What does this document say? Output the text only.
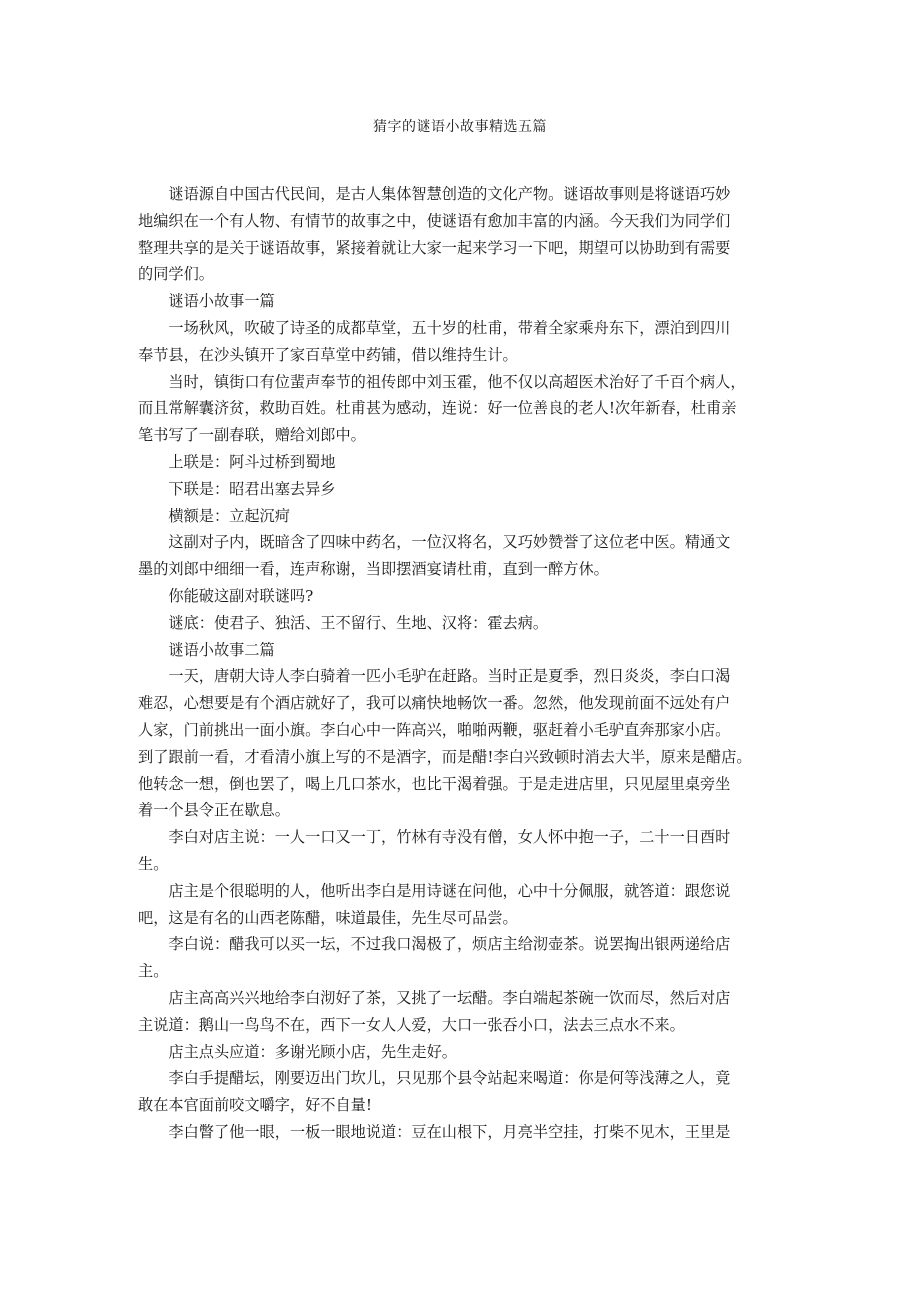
猜字的谜语小故事精选五篇

谜语源自中国古代民间，是古人集体智慧创造的文化产物。谜语故事则是将谜语巧妙
地编织在一个有人物、有情节的故事之中，使谜语有愈加丰富的内涵。今天我们为同学们
整理共享的是关于谜语故事，紧接着就让大家一起来学习一下吧，期望可以协助到有需要
的同学们。

谜语小故事一篇

一场秋风，吹破了诗圣的成都草堂，五十岁的杜甫，带着全家乘舟东下，漂泊到四川
奉节县，在沙头镇开了家百草堂中药铺，借以维持生计。

当时，镇街口有位蜚声奉节的祖传郎中刘玉霍，他不仅以高超医术治好了千百个病人，
而且常解囊济贫，救助百姓。杜甫甚为感动，连说：好一位善良的老人!次年新春，杜甫亲
笔书写了一副春联，赠给刘郎中。

上联是：阿斗过桥到蜀地

下联是：昭君出塞去异乡

横额是：立起沉疴

这副对子内，既暗含了四味中药名，一位汉将名，又巧妙赞誉了这位老中医。精通文
墨的刘郎中细细一看，连声称谢，当即摆酒宴请杜甫，直到一醉方休。

你能破这副对联谜吗?

谜底：使君子、独活、王不留行、生地、汉将：霍去病。

谜语小故事二篇

一天，唐朝大诗人李白骑着一匹小毛驴在赶路。当时正是夏季，烈日炎炎，李白口渴
难忍，心想要是有个酒店就好了，我可以痛快地畅饮一番。忽然，他发现前面不远处有户
人家，门前挑出一面小旗。李白心中一阵高兴，啪啪两鞭，驱赶着小毛驴直奔那家小店。
到了跟前一看，才看清小旗上写的不是酒字，而是醋!李白兴致顿时消去大半，原来是醋店。
他转念一想，倒也罢了，喝上几口茶水，也比干渴着强。于是走进店里，只见屋里桌旁坐
着一个县令正在歇息。

李白对店主说：一人一口又一丁，竹林有寺没有僧，女人怀中抱一子，二十一日酉时
生。

店主是个很聪明的人，他听出李白是用诗谜在问他，心中十分佩服，就答道：跟您说
吧，这是有名的山西老陈醋，味道最佳，先生尽可品尝。

李白说：醋我可以买一坛，不过我口渴极了，烦店主给沏壶茶。说罢掏出银两递给店
主。

店主高高兴兴地给李白沏好了茶，又挑了一坛醋。李白端起茶碗一饮而尽，然后对店
主说道：鹅山一鸟鸟不在，西下一女人人爱，大口一张吞小口，法去三点水不来。

店主点头应道：多谢光顾小店，先生走好。

李白手提醋坛，刚要迈出门坎儿，只见那个县令站起来喝道：你是何等浅薄之人，竟
敢在本官面前咬文嚼字，好不自量!

李白瞥了他一眼，一板一眼地说道：豆在山根下，月亮半空挂，打柴不见木，王里是
